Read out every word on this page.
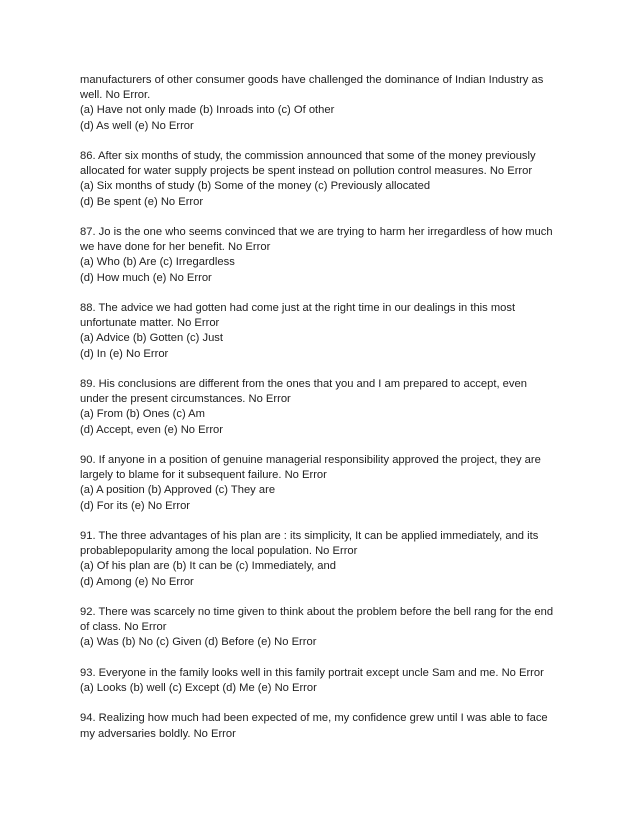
manufacturers of other consumer goods have challenged the dominance of Indian Industry as
well. No Error.
(a) Have not only made (b) Inroads into (c) Of other
(d) As well (e) No Error
86. After six months of study, the commission announced that some of the money previously
allocated for water supply projects be spent instead on pollution control measures. No Error
(a) Six months of study (b) Some of the money (c) Previously allocated
(d) Be spent (e) No Error
87. Jo is the one who seems convinced that we are trying to harm her irregardless of how much
we have done for her benefit. No Error
(a) Who (b) Are (c) Irregardless
(d) How much (e) No Error
88. The advice we had gotten had come just at the right time in our dealings in this most
unfortunate matter. No Error
(a) Advice (b) Gotten (c) Just
(d) In (e) No Error
89. His conclusions are different from the ones that you and I am prepared to accept, even
under the present circumstances. No Error
(a) From (b) Ones (c) Am
(d) Accept, even (e) No Error
90. If anyone in a position of genuine managerial responsibility approved the project, they are
largely to blame for it subsequent failure. No Error
(a) A position (b) Approved (c) They are
(d) For its (e) No Error
91. The three advantages of his plan are : its simplicity, It can be applied immediately, and its
probablepopularity among the local population. No Error
(a) Of his plan are (b) It can be (c) Immediately, and
(d) Among (e) No Error
92. There was scarcely no time given to think about the problem before the bell rang for the end
of class. No Error
(a) Was (b) No (c) Given (d) Before (e) No Error
93. Everyone in the family looks well in this family portrait except uncle Sam and me. No Error
(a) Looks (b) well (c) Except (d) Me (e) No Error
94. Realizing how much had been expected of me, my confidence grew until I was able to face
my adversaries boldly. No Error
